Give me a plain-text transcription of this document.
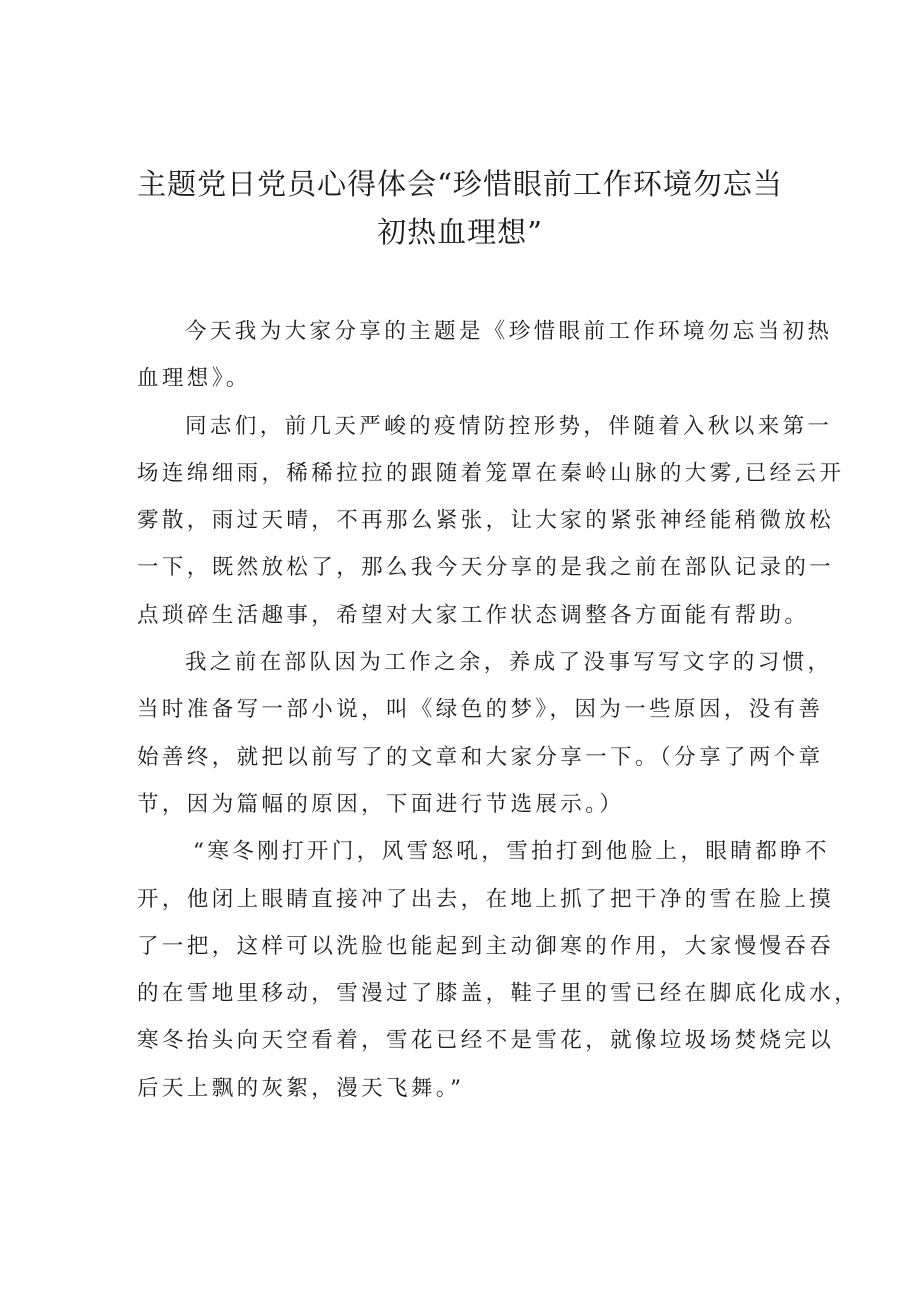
主题党日党员心得体会“珍惜眼前工作环境勿忘当
初热血理想”

今天我为大家分享的主题是《珍惜眼前工作环境勿忘当初热
血理想》。

同志们，前几天严峻的疫情防控形势，伴随着入秋以来第一
场连绵细雨，稀稀拉拉的跟随着笼罩在秦岭山脉的大雾,已经云开
雾散，雨过天晴，不再那么紧张，让大家的紧张神经能稍微放松
一下，既然放松了，那么我今天分享的是我之前在部队记录的一
点琐碎生活趣事，希望对大家工作状态调整各方面能有帮助。

我之前在部队因为工作之余，养成了没事写写文字的习惯，
当时准备写一部小说，叫《绿色的梦》，因为一些原因，没有善
始善终，就把以前写了的文章和大家分享一下。（分享了两个章
节，因为篇幅的原因，下面进行节选展示。）

“寒冬刚打开门，风雪怒吼，雪拍打到他脸上，眼睛都睁不
开，他闭上眼睛直接冲了出去，在地上抓了把干净的雪在脸上摸
了一把，这样可以洗脸也能起到主动御寒的作用，大家慢慢吞吞
的在雪地里移动，雪漫过了膝盖，鞋子里的雪已经在脚底化成水，
寒冬抬头向天空看着，雪花已经不是雪花，就像垃圾场焚烧完以
后天上飘的灰絮，漫天飞舞。”
